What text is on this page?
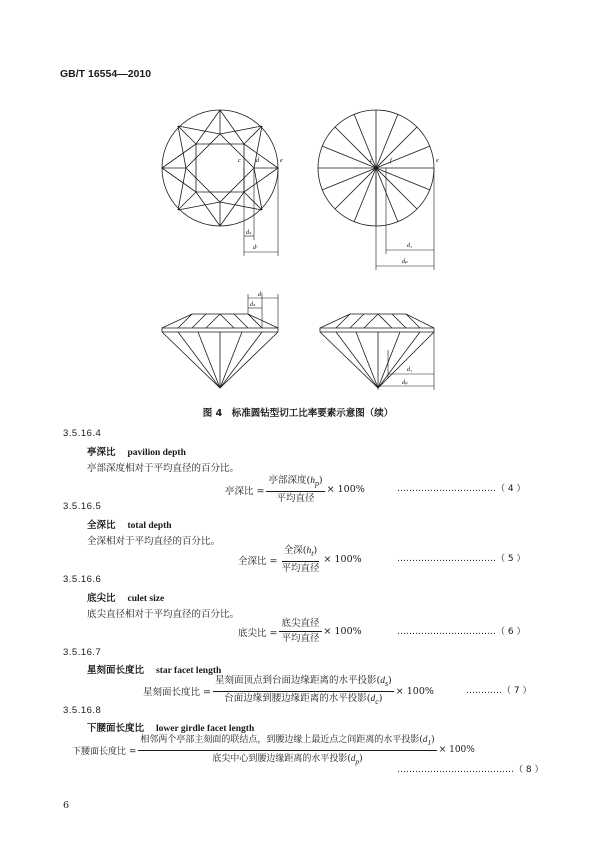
GB/T 16554—2010
c	d	e
dₛ
dᶜ
c	f	e
d₁
dₚ
dᶜ
dₛ
d₁
dₚ
图 4　标准圆钻型切工比率要素示意图（续）
3.5.16.4
亭深比 pavilion depth
亭部深度相对于平均直径的百分比。
亭深比 = $\frac{亭部深度(h_p)}{\text{平均直径}} \times 100\%$	……………………………（ 4 ）
3.5.16.5
全深比 total depth
全深相对于平均直径的百分比。
全深比 = $\frac{全深(h_t)}{\text{平均直径}} \times 100\%$	……………………………（ 5 ）
3.5.16.6
底尖比 culet size
底尖直径相对于平均直径的百分比。
底尖比 = $\frac{\text{底尖直径}}{\text{平均直径}} \times 100\%$	……………………………（ 6 ）
3.5.16.7
星刻面长度比 star facet length
星刻面长度比 = $\frac{星刻面顶点到台面边缘距离的水平投影(d_s)}{台面边缘到腰边缘距离的水平投影(d_c)} \times 100\%$	…………（ 7 ）
3.5.16.8
下腰面长度比 lower girdle facet length
下腰面长度比 = $\frac{相邻两个亭部主刻面的联结点,到腰边缘上最近点之间距离的水平投影(d_1)}{底尖中心到腰边缘距离的水平投影(d_p)} \times 100\%$
…………………………………（ 8 ）
6
